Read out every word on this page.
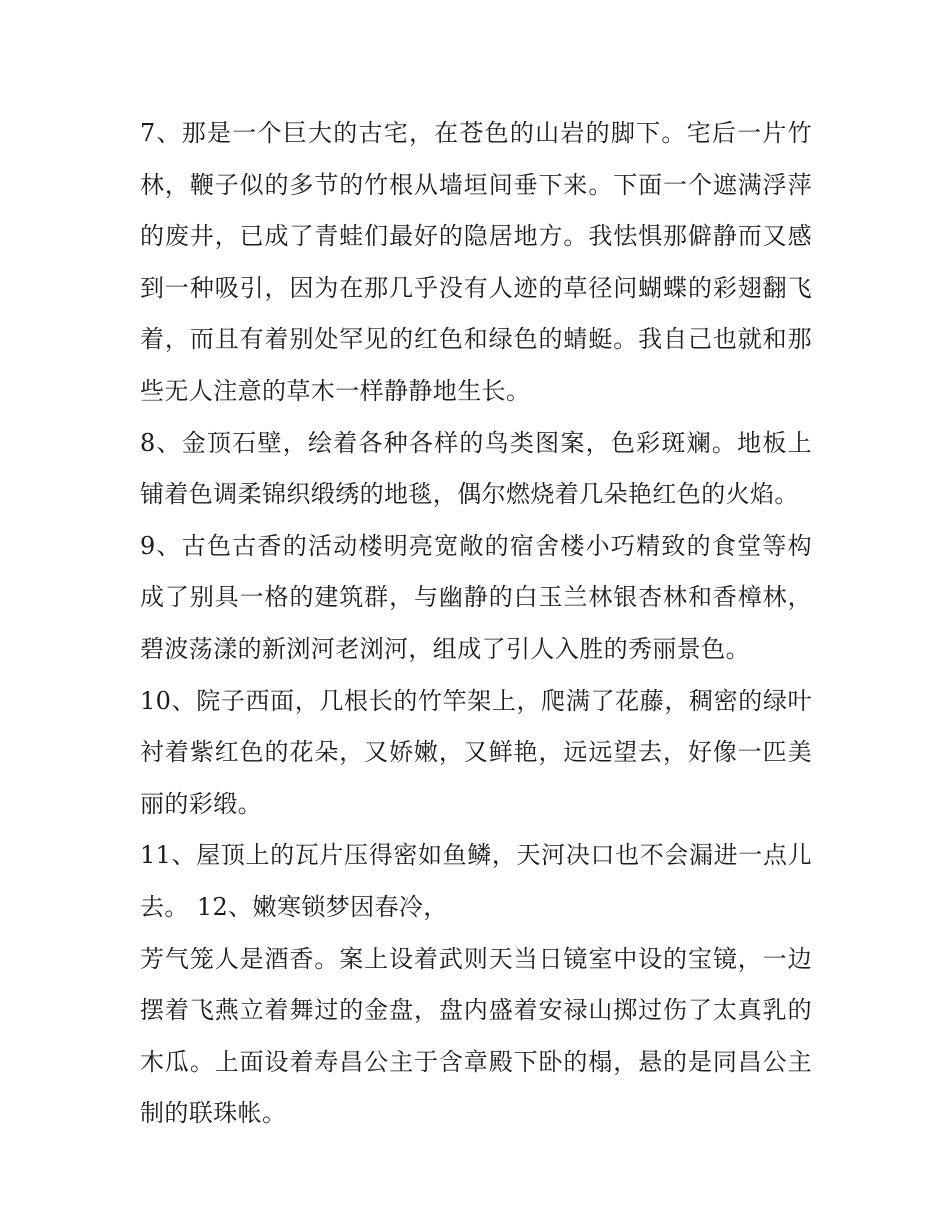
7、那是一个巨大的古宅，在苍色的山岩的脚下。宅后一片竹林，鞭子似的多节的竹根从墙垣间垂下来。下面一个遮满浮萍的废井，已成了青蛙们最好的隐居地方。我怯惧那僻静而又感到一种吸引，因为在那几乎没有人迹的草径问蝴蝶的彩翅翻飞着，而且有着别处罕见的红色和绿色的蜻蜓。我自己也就和那些无人注意的草木一样静静地生长。

8、金顶石壁，绘着各种各样的鸟类图案，色彩斑斓。地板上铺着色调柔锦织缎绣的地毯，偶尔燃烧着几朵艳红色的火焰。

9、古色古香的活动楼明亮宽敞的宿舍楼小巧精致的食堂等构成了别具一格的建筑群，与幽静的白玉兰林银杏林和香樟林，碧波荡漾的新浏河老浏河，组成了引人入胜的秀丽景色。

10、院子西面，几根长的竹竿架上，爬满了花藤，稠密的绿叶衬着紫红色的花朵，又娇嫩，又鲜艳，远远望去，好像一匹美丽的彩缎。

11、屋顶上的瓦片压得密如鱼鳞，天河决口也不会漏进一点儿去。 12、嫩寒锁梦因春冷，

芳气笼人是酒香。案上设着武则天当日镜室中设的宝镜，一边摆着飞燕立着舞过的金盘，盘内盛着安禄山掷过伤了太真乳的木瓜。上面设着寿昌公主于含章殿下卧的榻，悬的是同昌公主制的联珠帐。
